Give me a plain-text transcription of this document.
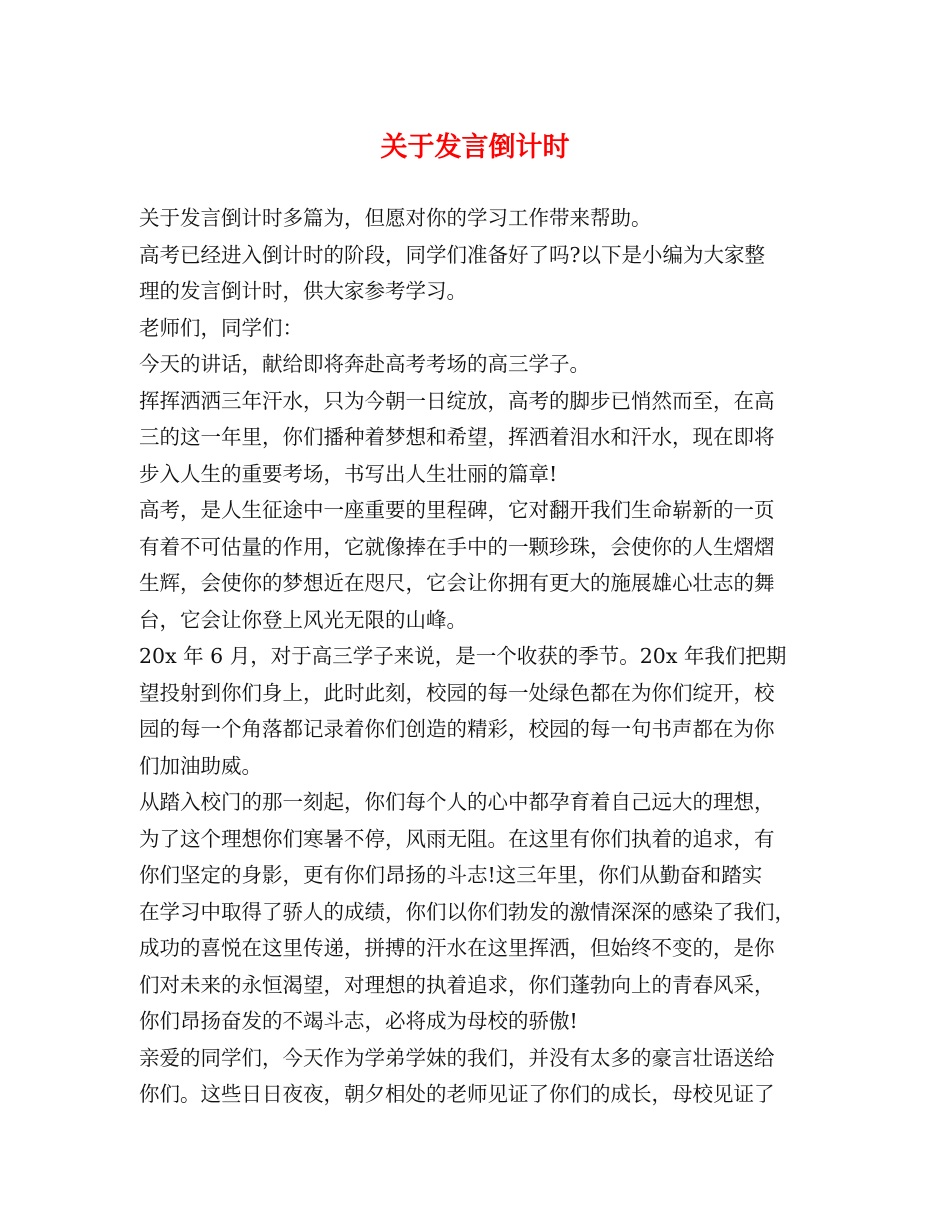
关于发言倒计时
关于发言倒计时多篇为，但愿对你的学习工作带来帮助。
高考已经进入倒计时的阶段，同学们准备好了吗?以下是小编为大家整
理的发言倒计时，供大家参考学习。
老师们，同学们：
今天的讲话，献给即将奔赴高考考场的高三学子。
挥挥洒洒三年汗水，只为今朝一日绽放，高考的脚步已悄然而至，在高
三的这一年里，你们播种着梦想和希望，挥洒着泪水和汗水，现在即将
步入人生的重要考场，书写出人生壮丽的篇章!
高考，是人生征途中一座重要的里程碑，它对翻开我们生命崭新的一页
有着不可估量的作用，它就像捧在手中的一颗珍珠，会使你的人生熠熠
生辉，会使你的梦想近在咫尺，它会让你拥有更大的施展雄心壮志的舞
台，它会让你登上风光无限的山峰。
20x 年 6 月，对于高三学子来说，是一个收获的季节。20x 年我们把期
望投射到你们身上，此时此刻，校园的每一处绿色都在为你们绽开，校
园的每一个角落都记录着你们创造的精彩，校园的每一句书声都在为你
们加油助威。
从踏入校门的那一刻起，你们每个人的心中都孕育着自己远大的理想，
为了这个理想你们寒暑不停，风雨无阻。在这里有你们执着的追求，有
你们坚定的身影，更有你们昂扬的斗志!这三年里，你们从勤奋和踏实
在学习中取得了骄人的成绩，你们以你们勃发的激情深深的感染了我们，
成功的喜悦在这里传递，拼搏的汗水在这里挥洒，但始终不变的，是你
们对未来的永恒渴望，对理想的执着追求，你们蓬勃向上的青春风采，
你们昂扬奋发的不竭斗志，必将成为母校的骄傲!
亲爱的同学们，今天作为学弟学妹的我们，并没有太多的豪言壮语送给
你们。这些日日夜夜，朝夕相处的老师见证了你们的成长，母校见证了
